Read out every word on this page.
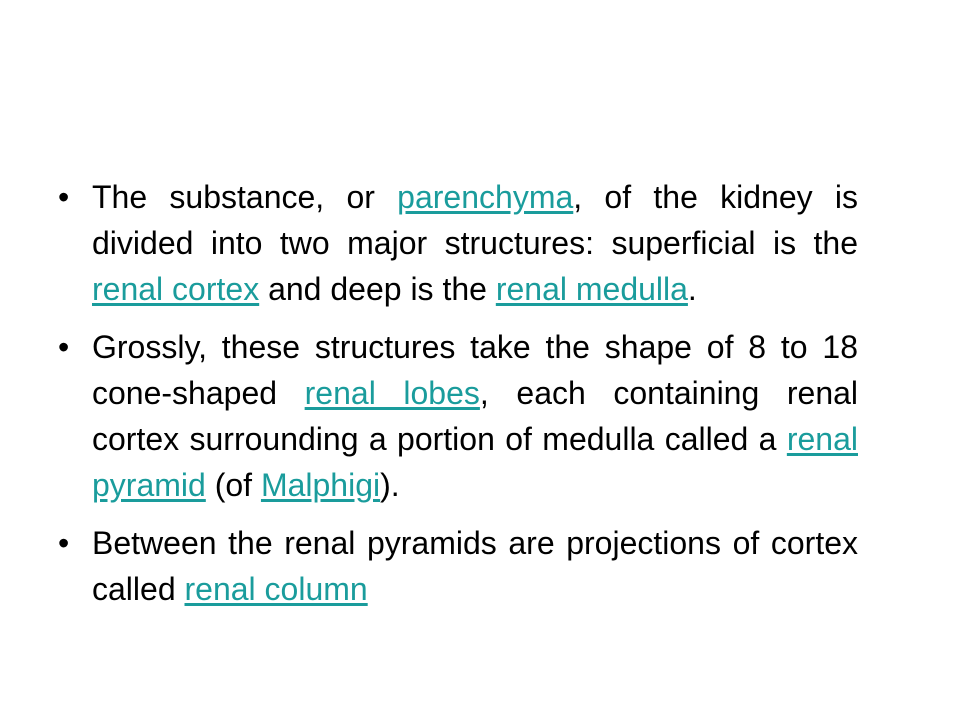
• The substance, or parenchyma, of the kidney is divided into two major structures: superficial is the renal cortex and deep is the renal medulla.
• Grossly, these structures take the shape of 8 to 18 cone-shaped renal lobes, each containing renal cortex surrounding a portion of medulla called a renal pyramid (of Malphigi).
• Between the renal pyramids are projections of cortex called renal column
